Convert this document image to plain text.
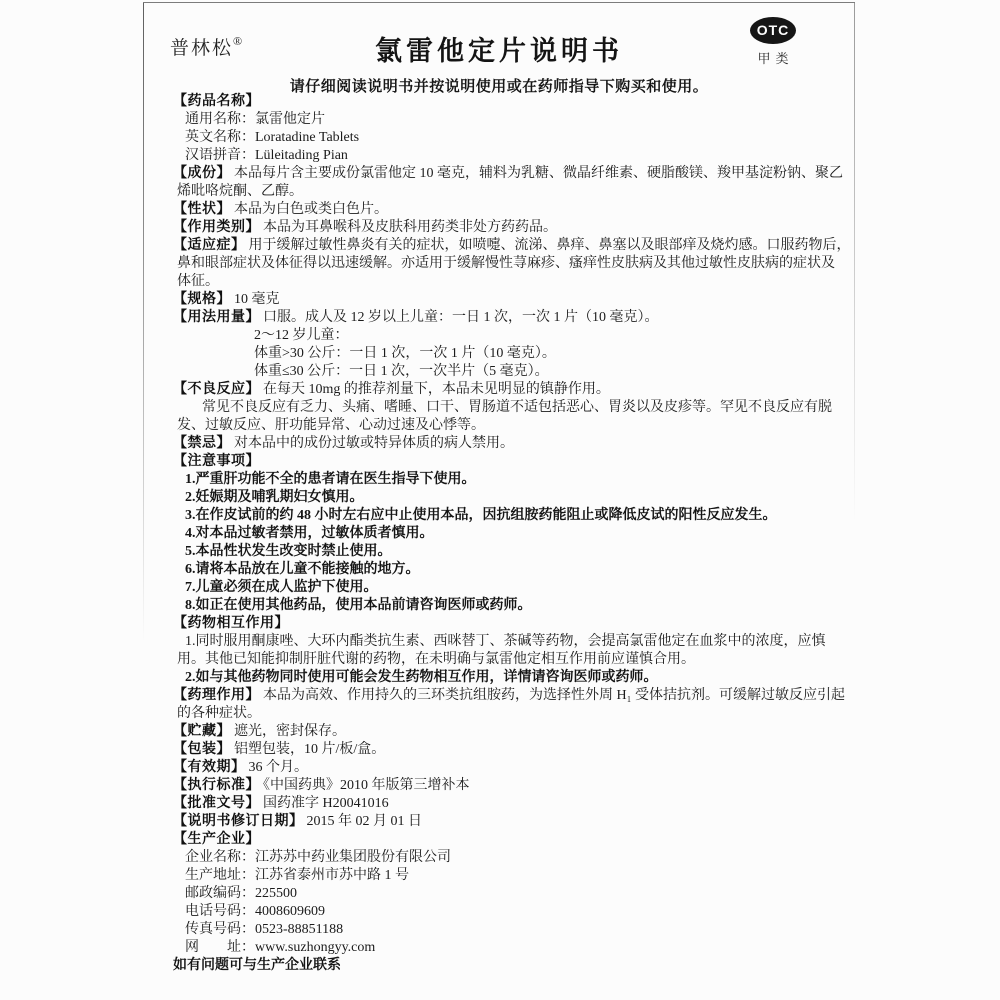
普林松®	氯雷他定片说明书
OTC
甲类
请仔细阅读说明书并按说明使用或在药师指导下购买和使用。
【药品名称】
通用名称：氯雷他定片
英文名称：Loratadine Tablets
汉语拼音：Lüleitading Pian
【成份】 本品每片含主要成份氯雷他定 10 毫克，辅料为乳糖、微晶纤维素、硬脂酸镁、羧甲基淀粉钠、聚乙
烯吡咯烷酮、乙醇。
【性状】 本品为白色或类白色片。
【作用类别】 本品为耳鼻喉科及皮肤科用药类非处方药药品。
【适应症】 用于缓解过敏性鼻炎有关的症状，如喷嚏、流涕、鼻痒、鼻塞以及眼部痒及烧灼感。口服药物后，
鼻和眼部症状及体征得以迅速缓解。亦适用于缓解慢性荨麻疹、瘙痒性皮肤病及其他过敏性皮肤病的症状及
体征。
【规格】 10 毫克
【用法用量】 口服。成人及 12 岁以上儿童：一日 1 次，一次 1 片（10 毫克）。
2～12 岁儿童：
体重>30 公斤：一日 1 次，一次 1 片（10 毫克）。
体重≤30 公斤：一日 1 次，一次半片（5 毫克）。
【不良反应】 在每天 10mg 的推荐剂量下，本品未见明显的镇静作用。
常见不良反应有乏力、头痛、嗜睡、口干、胃肠道不适包括恶心、胃炎以及皮疹等。罕见不良反应有脱
发、过敏反应、肝功能异常、心动过速及心悸等。
【禁忌】 对本品中的成份过敏或特异体质的病人禁用。
【注意事项】
1.严重肝功能不全的患者请在医生指导下使用。
2.妊娠期及哺乳期妇女慎用。
3.在作皮试前的约 48 小时左右应中止使用本品，因抗组胺药能阻止或降低皮试的阳性反应发生。
4.对本品过敏者禁用，过敏体质者慎用。
5.本品性状发生改变时禁止使用。
6.请将本品放在儿童不能接触的地方。
7.儿童必须在成人监护下使用。
8.如正在使用其他药品，使用本品前请咨询医师或药师。
【药物相互作用】
1.同时服用酮康唑、大环内酯类抗生素、西咪替丁、茶碱等药物，会提高氯雷他定在血浆中的浓度，应慎
用。其他已知能抑制肝脏代谢的药物，在未明确与氯雷他定相互作用前应谨慎合用。
2.如与其他药物同时使用可能会发生药物相互作用，详情请咨询医师或药师。
【药理作用】 本品为高效、作用持久的三环类抗组胺药，为选择性外周 H₁ 受体拮抗剂。可缓解过敏反应引起
的各种症状。
【贮藏】 遮光，密封保存。
【包装】 铝塑包装，10 片/板/盒。
【有效期】 36 个月。
【执行标准】 《中国药典》2010 年版第三增补本
【批准文号】 国药准字 H20041016
【说明书修订日期】 2015 年 02 月 01 日
【生产企业】
企业名称：江苏苏中药业集团股份有限公司
生产地址：江苏省泰州市苏中路 1 号
邮政编码：225500
电话号码：4008609609
传真号码：0523-88851188
网　　址：www.suzhongyy.com
如有问题可与生产企业联系
